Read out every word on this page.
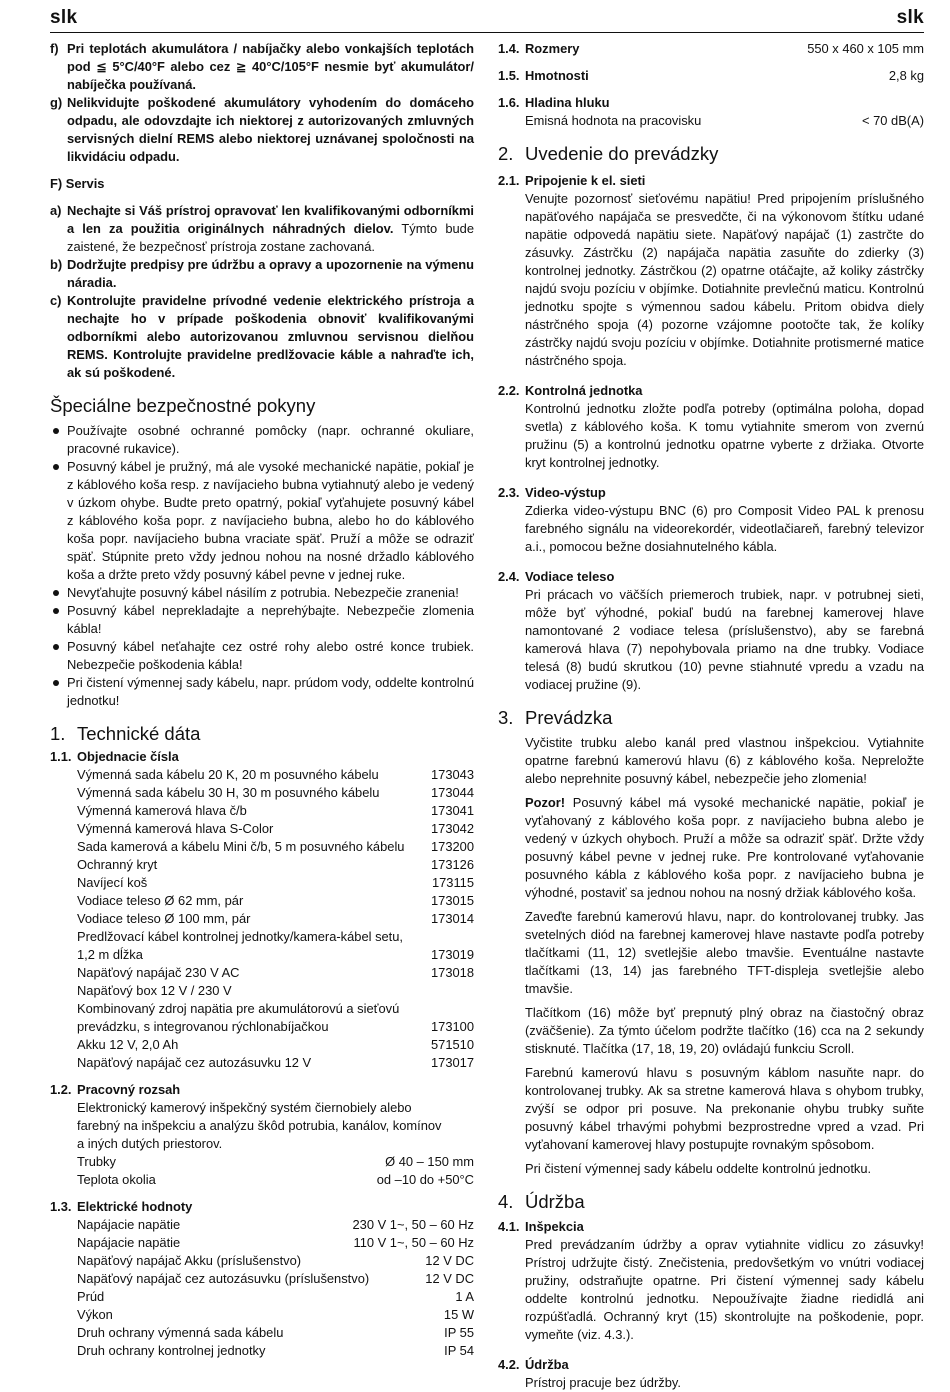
slk	slk
f) Pri teplotách akumulátora / nabíjačky alebo vonkajších teplotách pod ≦ 5°C/40°F alebo cez ≧ 40°C/105°F nesmie byť akumulátor/ nabíječka používaná.
g) Nelikvidujte poškodené akumulátory vyhodením do domáceho odpadu, ale odovzdajte ich niektorej z autorizovaných zmluvných servisných dielní REMS alebo niektorej uznávanej spoločnosti na likvidáciu odpadu.
F) Servis
a) Nechajte si Váš prístroj opravovať len kvalifikovanými odborníkmi a len za použitia originálnych náhradných dielov. Týmto bude zaistené, že bezpečnosť prístroja zostane zachovaná.
b) Dodržujte predpisy pre údržbu a opravy a upozornenie na výmenu náradia.
c) Kontrolujte pravidelne prívodné vedenie elektrického prístroja a nechajte ho v prípade poškodenia obnoviť kvalifikovanými odborníkmi alebo autorizovanou zmluvnou servisnou dielňou REMS. Kontrolujte pravidelne predlžovacie káble a nahraďte ich, ak sú poškodené.
Špeciálne bezpečnostné pokyny
Používajte osobné ochranné pomôcky (napr. ochranné okuliare, pracovné rukavice).
Posuvný kábel je pružný, má ale vysoké mechanické napätie, pokiaľ je z káblového koša resp. z navíjacieho bubna vytiahnutý alebo je vedený v úzkom ohybe. Budte preto opatrný, pokiaľ vyťahujete posuvný kábel z káblového koša popr. z navíjacieho bubna, alebo ho do káblového koša popr. navíjacieho bubna vraciate späť. Pruží a môže se odraziť späť. Stúpnite preto vždy jednou nohou na nosné držadlo káblového koša a držte preto vždy posuvný kábel pevne v jednej ruke.
Nevyťahujte posuvný kábel násilím z potrubia. Nebezpečie zranenia!
Posuvný kábel neprekladajte a neprehýbajte. Nebezpečie zlomenia kábla!
Posuvný kábel neťahajte cez ostré rohy alebo ostré konce trubiek. Nebezpečie poškodenia kábla!
Pri čistení výmennej sady kábelu, napr. prúdom vody, oddelte kontrolnú jednotku!
1. Technické dáta
1.1. Objednacie čísla
Výmenná sada kábelu 20 K, 20 m posuvného kábelu	173043
Výmenná sada kábelu 30 H, 30 m posuvného kábelu	173044
Výmenná kamerová hlava č/b	173041
Výmenná kamerová hlava S-Color	173042
Sada kamerová a kábelu Mini č/b, 5 m posuvného kábelu	173200
Ochranný kryt	173126
Navíjecí koš	173115
Vodiace teleso Ø 62 mm, pár	173015
Vodiace teleso Ø 100 mm, pár	173014
Predlžovací kábel kontrolnej jednotky/kamera-kábel setu, 1,2 m dĺžka	173019
Napäťový napájač 230 V AC	173018
Napäťový box 12 V / 230 V
Kombinovaný zdroj napätia pre akumulátorovú a sieťovú prevádzku, s integrovanou rýchlonabíjačkou	173100
Akku 12 V, 2,0 Ah	571510
Napäťový napájač cez autozásuvku 12 V	173017
1.2. Pracovný rozsah
Elektronický kamerový inšpekčný systém čiernobiely alebo farebný na inšpekciu a analýzu škôd potrubia, kanálov, komínov a iných dutých priestorov.
Trubky	Ø 40 – 150 mm
Teplota okolia	od –10 do +50°C
1.3. Elektrické hodnoty
Napájacie napätie	230 V 1~, 50 – 60 Hz
Napájacie napätie	110 V 1~, 50 – 60 Hz
Napäťový napájač Akku (príslušenstvo)	12 V DC
Napäťový napájač cez autozásuvku (príslušenstvo)	12 V DC
Prúd	1 A
Výkon	15 W
Druh ochrany výmenná sada kábelu	IP 55
Druh ochrany kontrolnej jednotky	IP 54
1.4. Rozmery	550 x 460 x 105 mm
1.5. Hmotnosti	2,8 kg
1.6. Hladina hluku
Emisná hodnota na pracovisku	< 70 dB(A)
2. Uvedenie do prevádzky
2.1. Pripojenie k el. sieti
Venujte pozornosť sieťovému napätiu! Pred pripojením príslušného napäťového napájača se presvedčte, či na výkonovom štítku udané napätie odpovedá napätiu siete. Napäťový napájač (1) zastrčte do zásuvky. Zástrčku (2) napájača napätia zasuňte do zdierky (3) kontrolnej jednotky. Zástrčkou (2) opatrne otáčajte, až koliky zástrčky najdú svoju pozíciu v objímke. Dotiahnite prevlečnú maticu. Kontrolnú jednotku spojte s výmennou sadou kábelu. Pritom obidva diely nástrčného spoja (4) pozorne vzájomne pootočte tak, že kolíky zástrčky najdú svoju pozíciu v objímke. Dotiahnite protismerné matice nástrčného spoja.
2.2. Kontrolná jednotka
Kontrolnú jednotku zložte podľa potreby (optimálna poloha, dopad svetla) z káblového koša. K tomu vytiahnite smerom von zvernú pružinu (5) a kontrolnú jednotku opatrne vyberte z držiaka. Otvorte kryt kontrolnej jednotky.
2.3. Video-výstup
Zdierka video-výstupu BNC (6) pro Composit Video PAL k prenosu farebného signálu na videorekordér, videotlačiareň, farebný televizor a.i., pomocou bežne dosiahnutelného kábla.
2.4. Vodiace teleso
Pri prácach vo väčších priemeroch trubiek, napr. v potrubnej sieti, môže byť výhodné, pokiaľ budú na farebnej kamerovej hlave namontované 2 vodiace telesa (príslušenstvo), aby se farebná kamerová hlava (7) nepohybovala priamo na dne trubky. Vodiace telesá (8) budú skrutkou (10) pevne stiahnuté vpredu a vzadu na vodiacej pružine (9).
3. Prevádzka
Vyčistite trubku alebo kanál pred vlastnou inšpekciou. Vytiahnite opatrne farebnú kamerovú hlavu (6) z káblového koša. Nepreložte alebo neprehnite posuvný kábel, nebezpečie jeho zlomenia!
Pozor! Posuvný kábel má vysoké mechanické napätie, pokiaľ je vyťahovaný z káblového koša popr. z navíjacieho bubna alebo je vedený v úzkych ohyboch. Pruží a môže sa odraziť späť. Držte vždy posuvný kábel pevne v jednej ruke. Pre kontrolované vyťahovanie posuvného kábla z káblového koša popr. z navíjacieho bubna je výhodné, postaviť sa jednou nohou na nosný držiak káblového koša.
Zaveďte farebnú kamerovú hlavu, napr. do kontrolovanej trubky. Jas svetelných diód na farebnej kamerovej hlave nastavte podľa potreby tlačítkami (11, 12) svetlejšie alebo tmavšie. Eventuálne nastavte tlačítkami (13, 14) jas farebného TFT-displeja svetlejšie alebo tmavšie.
Tlačítkom (16) môže byť prepnutý plný obraz na čiastočný obraz (zväčšenie). Za týmto účelom podržte tlačítko (16) cca na 2 sekundy stisknuté. Tlačítka (17, 18, 19, 20) ovládajú funkciu Scroll.
Farebnú kamerovú hlavu s posuvným káblom nasuňte napr. do kontrolovanej trubky. Ak sa stretne kamerová hlava s ohybom trubky, zvýší se odpor pri posuve. Na prekonanie ohybu trubky suňte posuvný kábel trhavými pohybmi bezprostredne vpred a vzad. Pri vyťahovaní kamerovej hlavy postupujte rovnakým spôsobom.
Pri čistení výmennej sady kábelu oddelte kontrolnú jednotku.
4. Údržba
4.1. Inšpekcia
Pred prevádzaním údržby a oprav vytiahnite vidlicu zo zásuvky! Prístroj udržujte čistý. Znečistenia, predovšetkým vo vnútri vodiacej pružiny, odstraňujte opatrne. Pri čistení výmennej sady kábelu oddelte kontrolnú jednotku. Nepoužívajte žiadne riedidlá ani rozpúšťadlá. Ochranný kryt (15) skontrolujte na poškodenie, popr. vymeňte (viz. 4.3.).
4.2. Údržba
Prístroj pracuje bez údržby.
